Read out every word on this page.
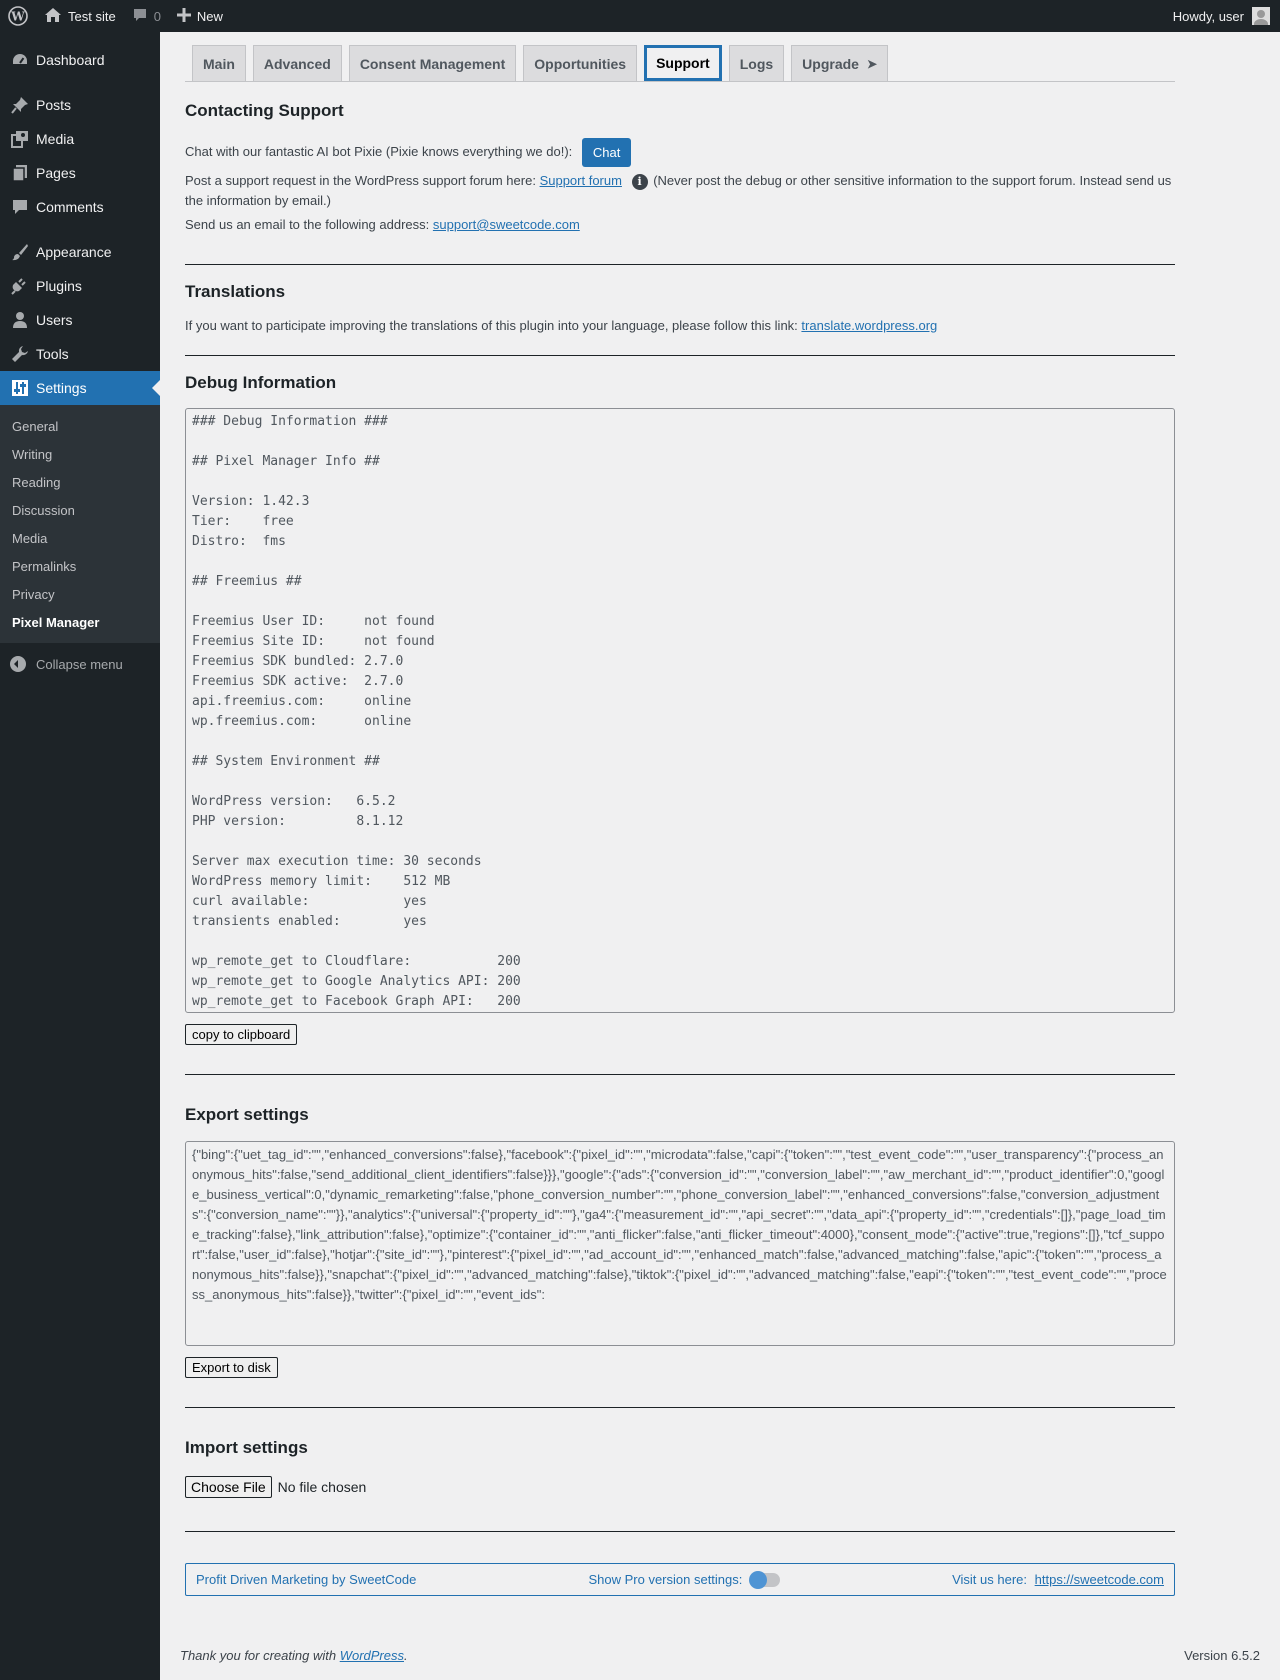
W	Test site	0	New	Howdy, user
Dashboard
Posts
Media
Pages
Comments
Appearance
Plugins
Users
Tools
Settings
General
Writing
Reading
Discussion
Media
Permalinks
Privacy
Pixel Manager
Collapse menu
Main	Advanced	Consent Management	Opportunities	Support	Logs	Upgrade ➤
Contacting Support
Chat with our fantastic AI bot Pixie (Pixie knows everything we do!): Chat
Post a support request in the WordPress support forum here: Support forum i (Never post the debug or other sensitive information to the support forum. Instead send us the information by email.)
Send us an email to the following address: support@sweetcode.com
Translations
If you want to participate improving the translations of this plugin into your language, please follow this link: translate.wordpress.org
Debug Information
### Debug Information ###

## Pixel Manager Info ##

Version: 1.42.3
Tier:    free
Distro:  fms

## Freemius ##

Freemius User ID:     not found
Freemius Site ID:     not found
Freemius SDK bundled: 2.7.0
Freemius SDK active:  2.7.0
api.freemius.com:     online
wp.freemius.com:      online

## System Environment ##

WordPress version:   6.5.2
PHP version:         8.1.12

Server max execution time: 30 seconds
WordPress memory limit:    512 MB
curl available:            yes
transients enabled:        yes

wp_remote_get to Cloudflare:           200
wp_remote_get to Google Analytics API: 200
wp_remote_get to Facebook Graph API:   200
copy to clipboard
Export settings
{"bing":{"uet_tag_id":"","enhanced_conversions":false},"facebook":{"pixel_id":"","microdata":false,"capi":{"token":"","test_event_code":"","user_transparency":{"process_anonymous_hits":false,"send_additional_client_identifiers":false}}},"google":{"ads":{"conversion_id":"","conversion_label":"","aw_merchant_id":"","product_identifier":0,"google_business_vertical":0,"dynamic_remarketing":false,"phone_conversion_number":"","phone_conversion_label":"","enhanced_conversions":false,"conversion_adjustments":{"conversion_name":""}},"analytics":{"universal":{"property_id":""},"ga4":{"measurement_id":"","api_secret":"","data_api":{"property_id":"","credentials":[]},"page_load_time_tracking":false},"link_attribution":false},"optimize":{"container_id":"","anti_flicker":false,"anti_flicker_timeout":4000},"consent_mode":{"active":true,"regions":[]},"tcf_support":false,"user_id":false},"hotjar":{"site_id":""},"pinterest":{"pixel_id":"","ad_account_id":"","enhanced_match":false,"advanced_matching":false,"apic":{"token":"","process_anonymous_hits":false}},"snapchat":{"pixel_id":"","advanced_matching":false},"tiktok":{"pixel_id":"","advanced_matching":false,"eapi":{"token":"","test_event_code":"","process_anonymous_hits":false}},"twitter":{"pixel_id":"","event_ids":
Export to disk
Import settings
Choose File No file chosen
Profit Driven Marketing by SweetCode	Show Pro version settings:	Visit us here: https://sweetcode.com
Thank you for creating with WordPress.	Version 6.5.2
